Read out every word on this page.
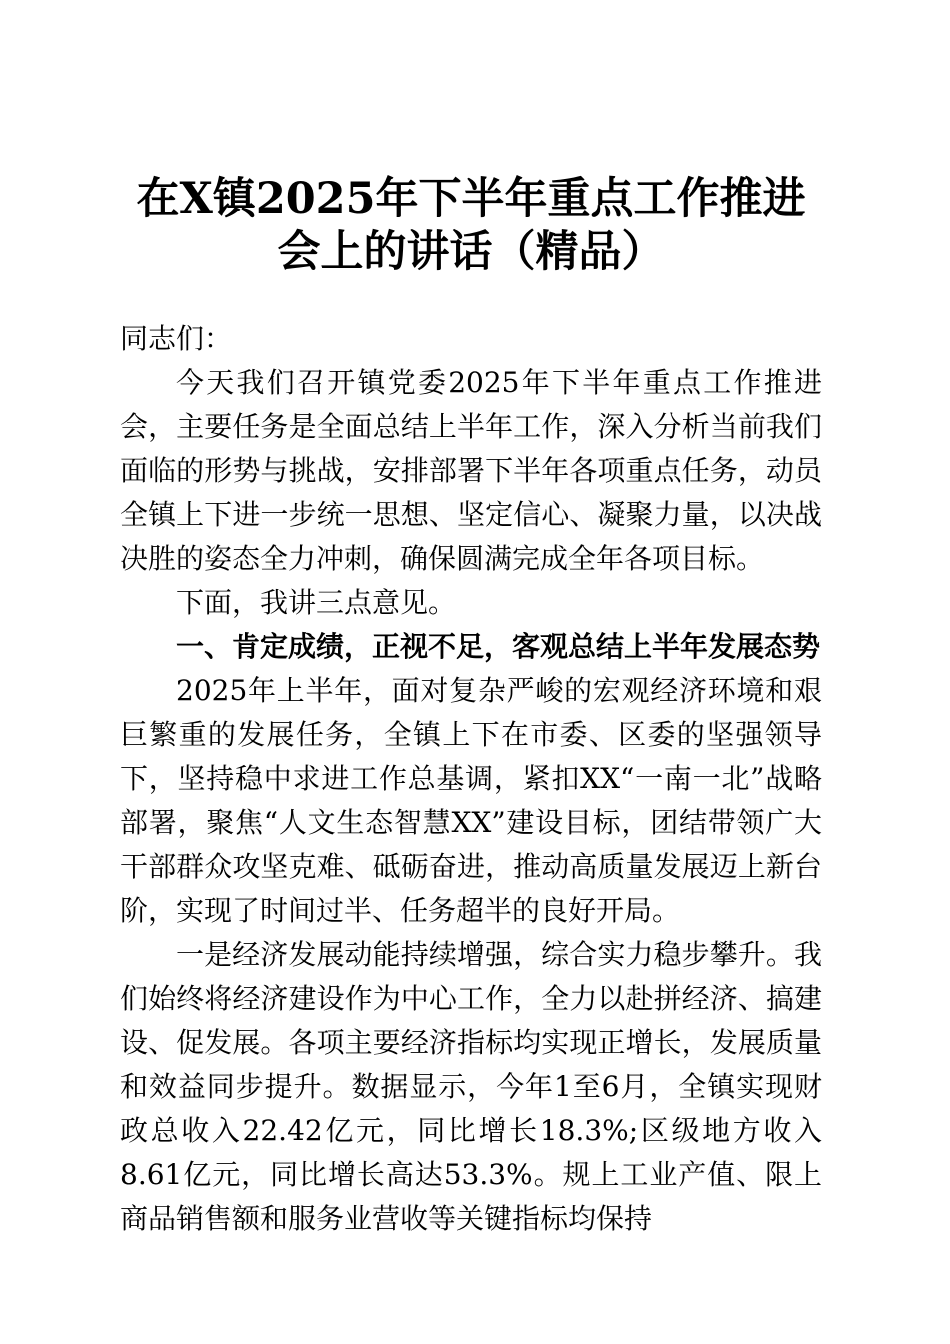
在X镇2025年下半年重点工作推进会上的讲话（精品）

同志们：

今天我们召开镇党委2025年下半年重点工作推进会，主要任务是全面总结上半年工作，深入分析当前我们面临的形势与挑战，安排部署下半年各项重点任务，动员全镇上下进一步统一思想、坚定信心、凝聚力量，以决战决胜的姿态全力冲刺，确保圆满完成全年各项目标。

下面，我讲三点意见。

一、肯定成绩，正视不足，客观总结上半年发展态势

2025年上半年，面对复杂严峻的宏观经济环境和艰巨繁重的发展任务，全镇上下在市委、区委的坚强领导下，坚持稳中求进工作总基调，紧扣XX“一南一北”战略部署，聚焦“人文生态智慧XX”建设目标，团结带领广大干部群众攻坚克难、砥砺奋进，推动高质量发展迈上新台阶，实现了时间过半、任务超半的良好开局。

一是经济发展动能持续增强，综合实力稳步攀升。我们始终将经济建设作为中心工作，全力以赴拼经济、搞建设、促发展。各项主要经济指标均实现正增长，发展质量和效益同步提升。数据显示，今年1至6月，全镇实现财政总收入22.42亿元，同比增长18.3%;区级地方收入8.61亿元，同比增长高达53.3%。规上工业产值、限上商品销售额和服务业营收等关键指标均保持
